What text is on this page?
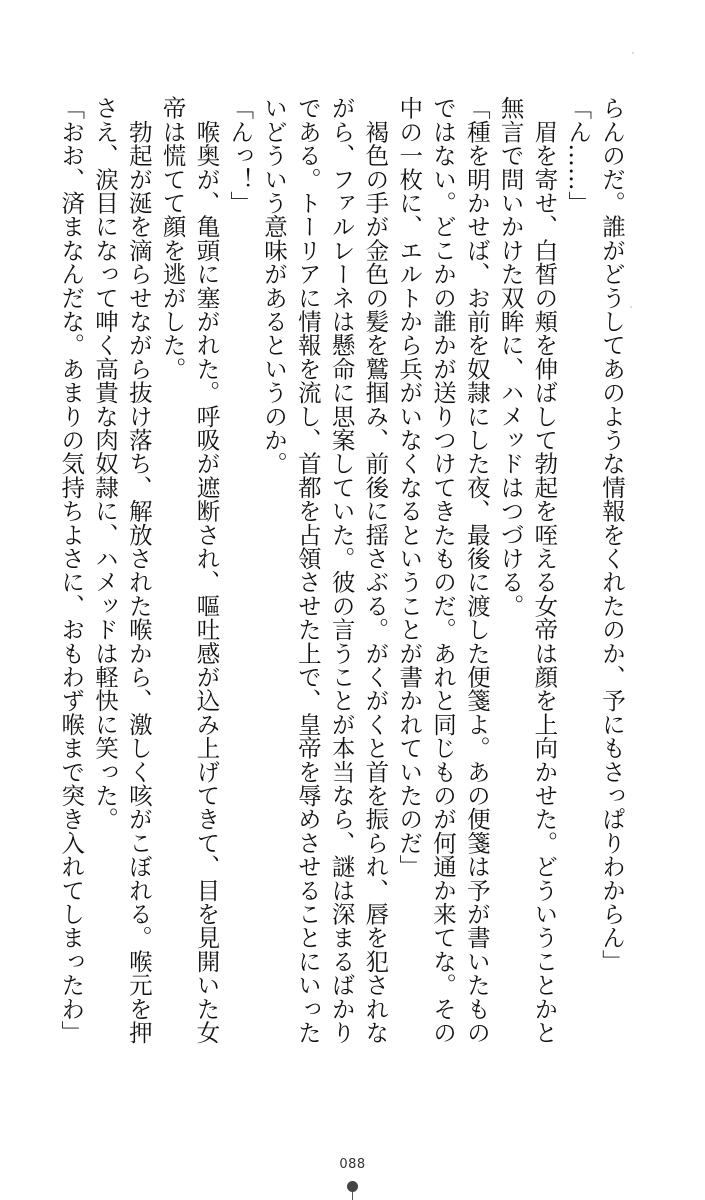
らんのだ。誰がどうしてあのような情報をくれたのか、予にもさっぱりわからん」
「ん……」
　眉を寄せ、白皙の頬を伸ばして勃起を咥える女帝は顔を上向かせた。どういうことかと
無言で問いかけた双眸に、ハメッドはつづける。
「種を明かせば、お前を奴隷にした夜、最後に渡した便箋よ。あの便箋は予が書いたもの
ではない。どこかの誰かが送りつけてきたものだ。あれと同じものが何通か来てな。その
中の一枚に、エルトから兵がいなくなるということが書かれていたのだ」
　褐色の手が金色の髪を鷲掴み、前後に揺さぶる。がくがくと首を振られ、唇を犯されな
がら、ファルレーネは懸命に思案していた。彼の言うことが本当なら、謎は深まるばかり
である。トーリアに情報を流し、首都を占領させた上で、皇帝を辱めさせることにいった
いどういう意味があるというのか。
「んっ！」
　喉奥が、亀頭に塞がれた。呼吸が遮断され、嘔吐感が込み上げてきて、目を見開いた女
帝は慌てて顔を逃がした。
　勃起が涎を滴らせながら抜け落ち、解放された喉から、激しく咳がこぼれる。喉元を押
さえ、涙目になって呻く高貴な肉奴隷に、ハメッドは軽快に笑った。
「おお、済まなんだな。あまりの気持ちよさに、おもわず喉まで突き入れてしまったわ」
088
